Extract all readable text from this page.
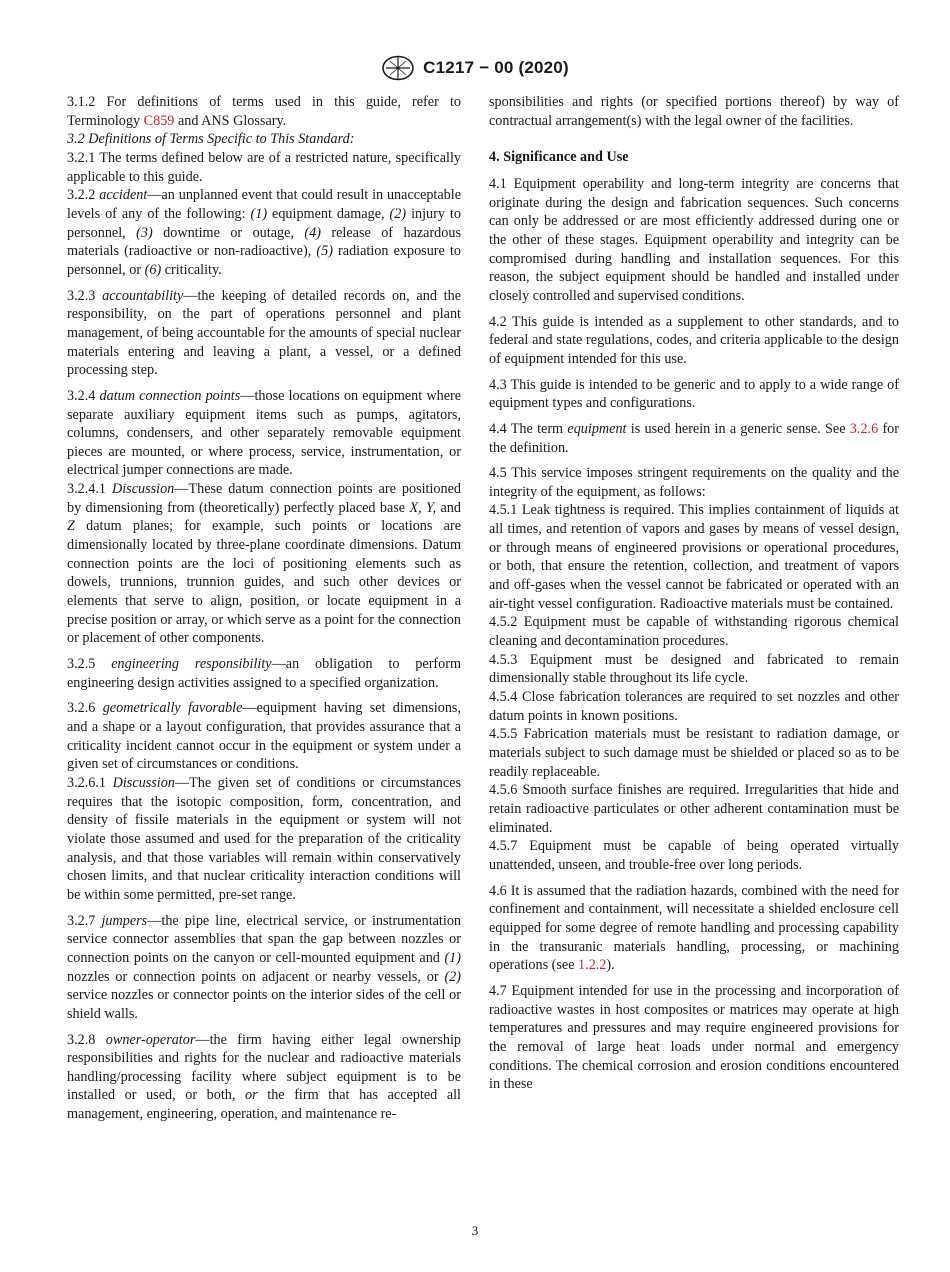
C1217 − 00 (2020)

3.1.2 For definitions of terms used in this guide, refer to Terminology C859 and ANS Glossary.

3.2 Definitions of Terms Specific to This Standard:

3.2.1 The terms defined below are of a restricted nature, specifically applicable to this guide.

3.2.2 accident—an unplanned event that could result in unacceptable levels of any of the following: (1) equipment damage, (2) injury to personnel, (3) downtime or outage, (4) release of hazardous materials (radioactive or non-radioactive), (5) radiation exposure to personnel, or (6) criticality.

3.2.3 accountability—the keeping of detailed records on, and the responsibility, on the part of operations personnel and plant management, of being accountable for the amounts of special nuclear materials entering and leaving a plant, a vessel, or a defined processing step.

3.2.4 datum connection points—those locations on equipment where separate auxiliary equipment items such as pumps, agitators, columns, condensers, and other separately removable equipment pieces are mounted, or where process, service, instrumentation, or electrical jumper connections are made.

3.2.4.1 Discussion—These datum connection points are positioned by dimensioning from (theoretically) perfectly placed base X, Y, and Z datum planes; for example, such points or locations are dimensionally located by three-plane coordinate dimensions. Datum connection points are the loci of positioning elements such as dowels, trunnions, trunnion guides, and such other devices or elements that serve to align, position, or locate equipment in a precise position or array, or which serve as a point for the connection or placement of other components.

3.2.5 engineering responsibility—an obligation to perform engineering design activities assigned to a specified organization.

3.2.6 geometrically favorable—equipment having set dimensions, and a shape or a layout configuration, that provides assurance that a criticality incident cannot occur in the equipment or system under a given set of circumstances or conditions.

3.2.6.1 Discussion—The given set of conditions or circumstances requires that the isotopic composition, form, concentration, and density of fissile materials in the equipment or system will not violate those assumed and used for the preparation of the criticality analysis, and that those variables will remain within conservatively chosen limits, and that nuclear criticality interaction conditions will be within some permitted, pre-set range.

3.2.7 jumpers—the pipe line, electrical service, or instrumentation service connector assemblies that span the gap between nozzles or connection points on the canyon or cell-mounted equipment and (1) nozzles or connection points on adjacent or nearby vessels, or (2) service nozzles or connector points on the interior sides of the cell or shield walls.

3.2.8 owner-operator—the firm having either legal ownership responsibilities and rights for the nuclear and radioactive materials handling/processing facility where subject equipment is to be installed or used, or both, or the firm that has accepted all management, engineering, operation, and maintenance re-

sponsibilities and rights (or specified portions thereof) by way of contractual arrangement(s) with the legal owner of the facilities.

4. Significance and Use

4.1 Equipment operability and long-term integrity are concerns that originate during the design and fabrication sequences. Such concerns can only be addressed or are most efficiently addressed during one or the other of these stages. Equipment operability and integrity can be compromised during handling and installation sequences. For this reason, the subject equipment should be handled and installed under closely controlled and supervised conditions.

4.2 This guide is intended as a supplement to other standards, and to federal and state regulations, codes, and criteria applicable to the design of equipment intended for this use.

4.3 This guide is intended to be generic and to apply to a wide range of equipment types and configurations.

4.4 The term equipment is used herein in a generic sense. See 3.2.6 for the definition.

4.5 This service imposes stringent requirements on the quality and the integrity of the equipment, as follows:

4.5.1 Leak tightness is required. This implies containment of liquids at all times, and retention of vapors and gases by means of vessel design, or through means of engineered provisions or operational procedures, or both, that ensure the retention, collection, and treatment of vapors and off-gases when the vessel cannot be fabricated or operated with an air-tight vessel configuration. Radioactive materials must be contained.

4.5.2 Equipment must be capable of withstanding rigorous chemical cleaning and decontamination procedures.

4.5.3 Equipment must be designed and fabricated to remain dimensionally stable throughout its life cycle.

4.5.4 Close fabrication tolerances are required to set nozzles and other datum points in known positions.

4.5.5 Fabrication materials must be resistant to radiation damage, or materials subject to such damage must be shielded or placed so as to be readily replaceable.

4.5.6 Smooth surface finishes are required. Irregularities that hide and retain radioactive particulates or other adherent contamination must be eliminated.

4.5.7 Equipment must be capable of being operated virtually unattended, unseen, and trouble-free over long periods.

4.6 It is assumed that the radiation hazards, combined with the need for confinement and containment, will necessitate a shielded enclosure cell equipped for some degree of remote handling and processing capability in the transuranic materials handling, processing, or machining operations (see 1.2.2).

4.7 Equipment intended for use in the processing and incorporation of radioactive wastes in host composites or matrices may operate at high temperatures and pressures and may require engineered provisions for the removal of large heat loads under normal and emergency conditions. The chemical corrosion and erosion conditions encountered in these

3
